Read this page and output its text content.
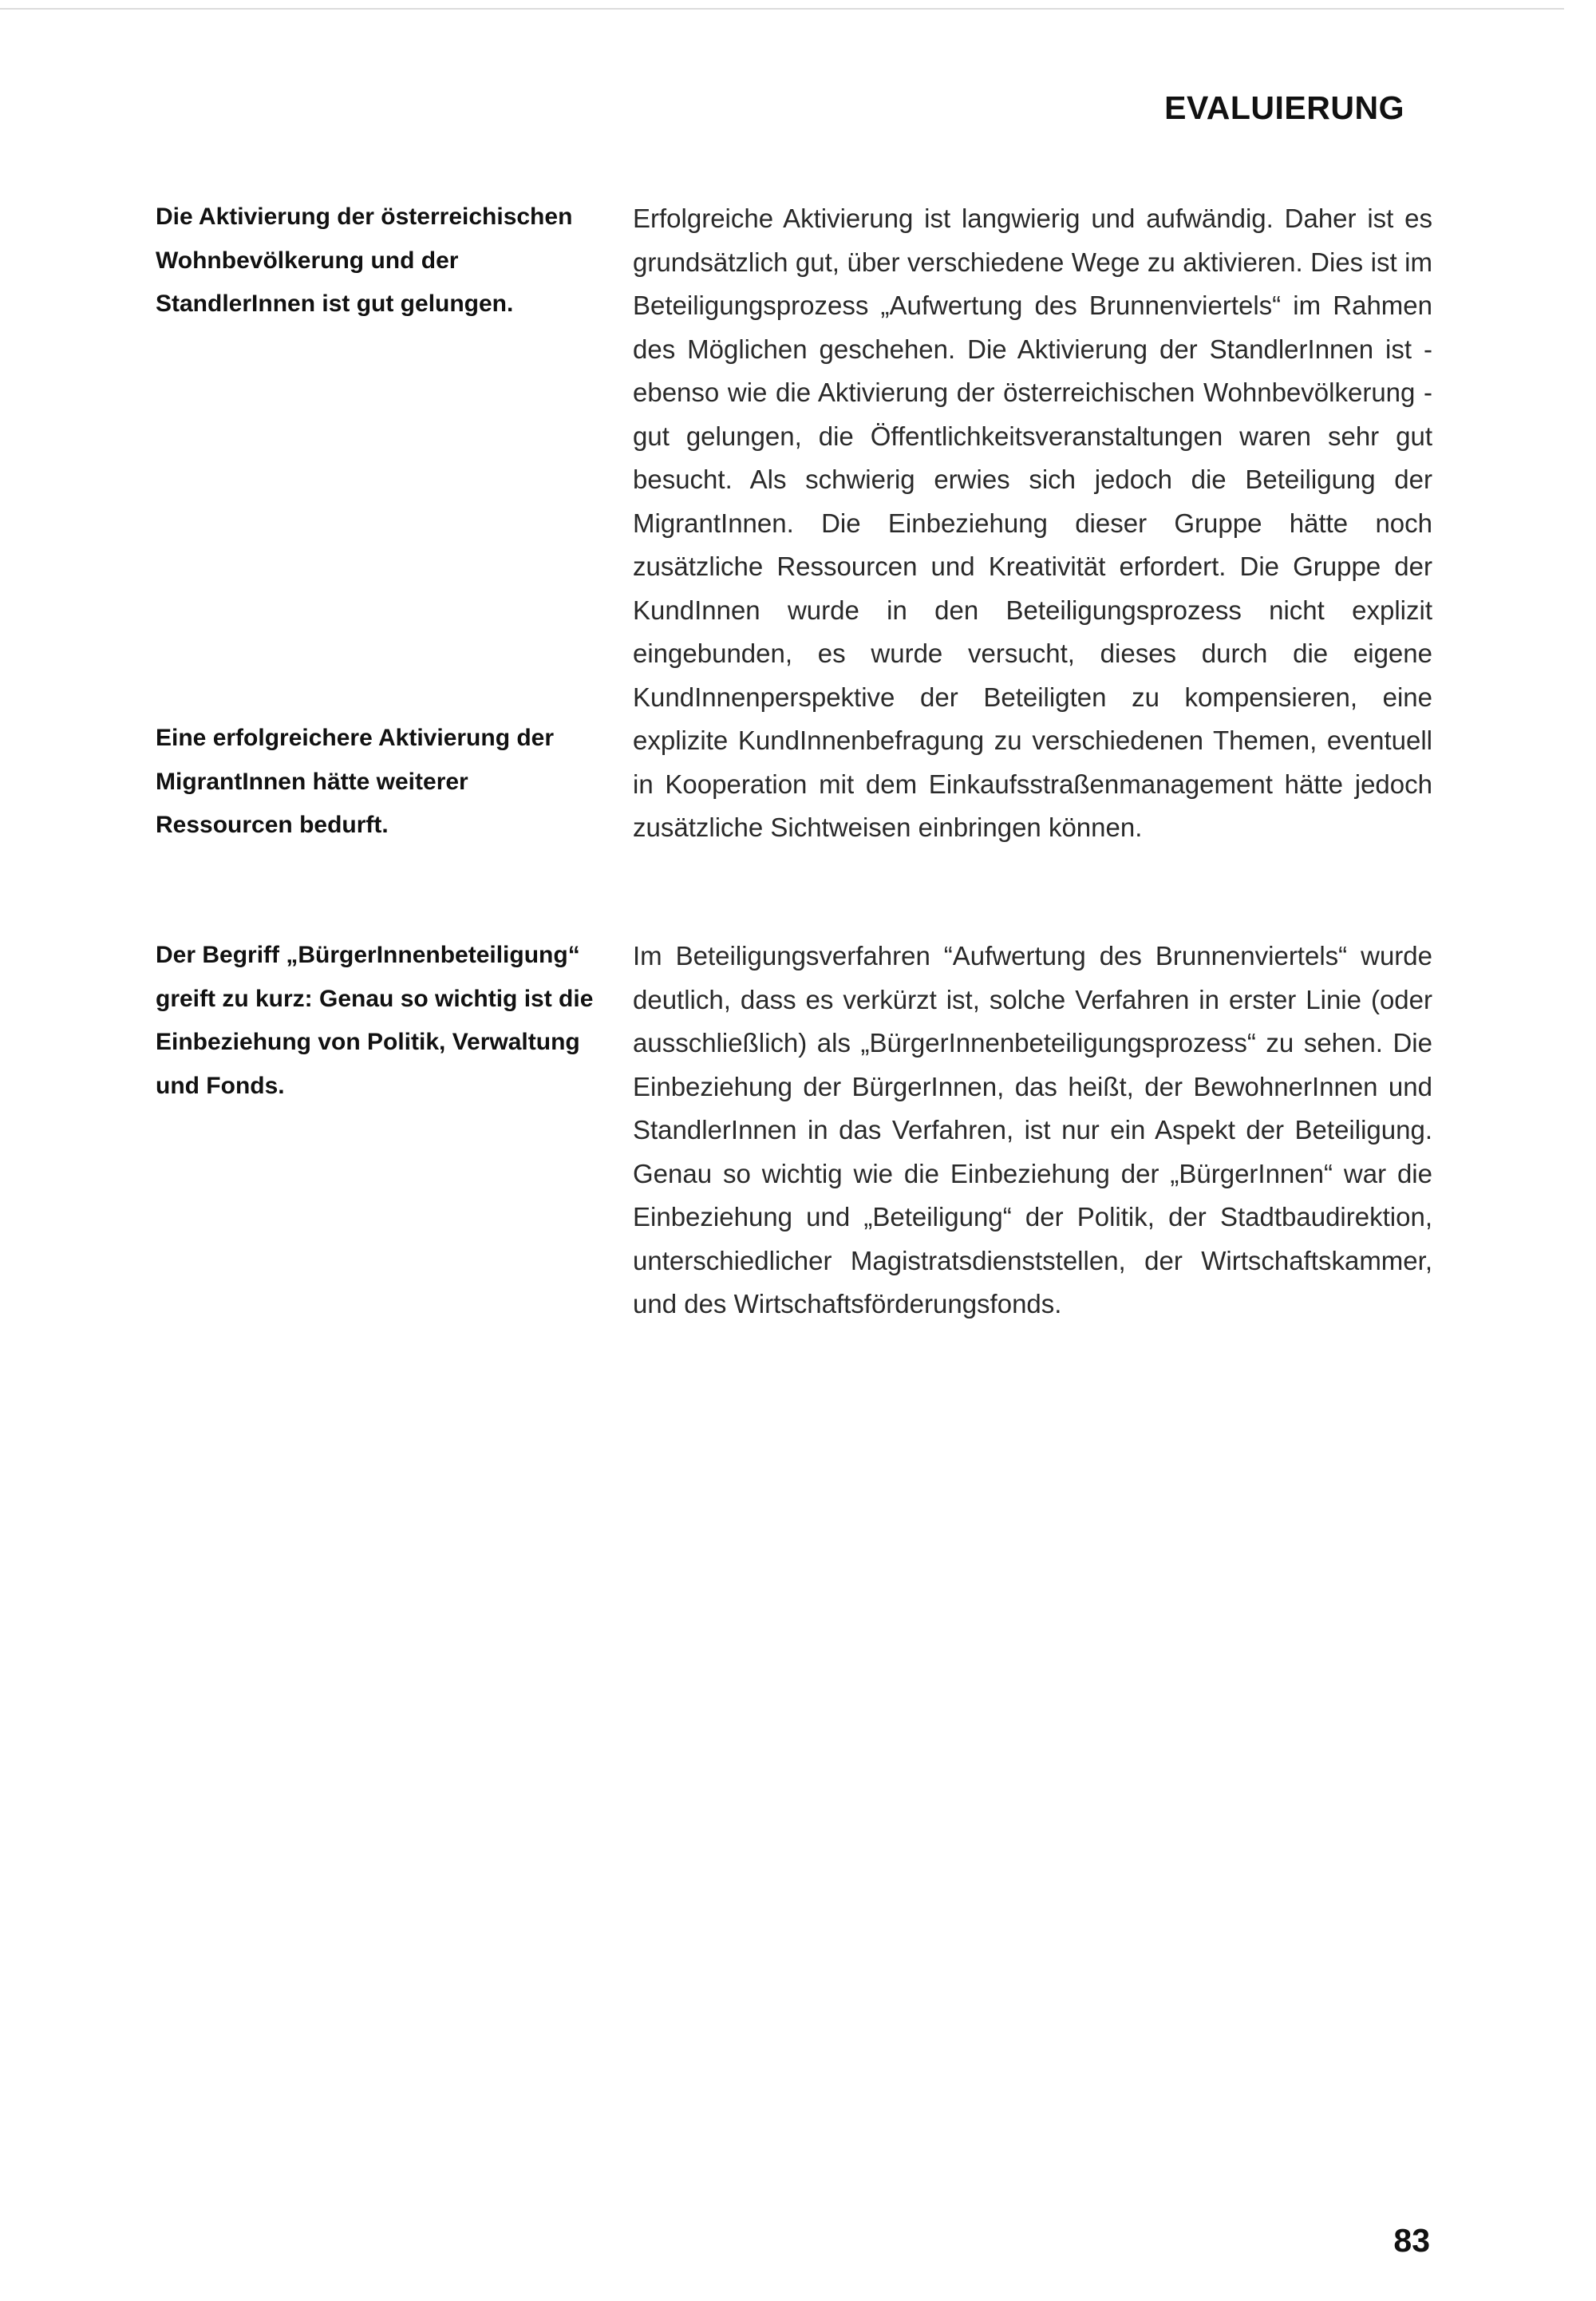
EVALUIERUNG

Die Aktivierung der österreichischen Wohnbevölkerung und der StandlerInnen ist gut gelungen.

Eine erfolgreichere Aktivierung der MigrantInnen hätte weiterer Ressourcen bedurft.

Der Begriff „BürgerInnenbeteiligung“ greift zu kurz: Genau so wichtig ist die Einbeziehung von Politik, Verwaltung und Fonds.

Erfolgreiche Aktivierung ist langwierig und aufwändig. Daher ist es grundsätzlich gut, über verschiedene Wege zu aktivieren. Dies ist im Beteiligungsprozess „Aufwertung des Brunnenviertels“ im Rahmen des Möglichen geschehen. Die Aktivierung der StandlerInnen ist - ebenso wie die Aktivierung der österreichischen Wohnbevölkerung - gut gelungen, die Öffentlichkeitsveranstaltungen waren sehr gut besucht. Als schwierig erwies sich jedoch die Beteiligung der MigrantInnen. Die Einbeziehung dieser Gruppe hätte noch zusätzliche Ressourcen und Kreativität erfordert. Die Gruppe der KundInnen wurde in den Beteiligungsprozess nicht explizit eingebunden, es wurde versucht, dieses durch die eigene KundInnenperspektive der Beteiligten zu kompensieren, eine explizite KundInnenbefragung zu verschiedenen Themen, eventuell in Kooperation mit dem Einkaufsstraßenmanagement hätte jedoch zusätzliche Sichtweisen einbringen können.

Im Beteiligungsverfahren “Aufwertung des Brunnenviertels“ wurde deutlich, dass es verkürzt ist, solche Verfahren in erster Linie (oder ausschließlich) als „BürgerInnenbeteiligungsprozess“ zu sehen. Die Einbeziehung der BürgerInnen, das heißt, der BewohnerInnen und StandlerInnen in das Verfahren, ist nur ein Aspekt der Beteiligung. Genau so wichtig wie die Einbeziehung der „BürgerInnen“ war die Einbeziehung und „Beteiligung“ der Politik, der Stadtbaudirektion, unterschiedlicher Magistratsdienststellen, der Wirtschaftskammer, und des Wirtschaftsförderungsfonds.

83
